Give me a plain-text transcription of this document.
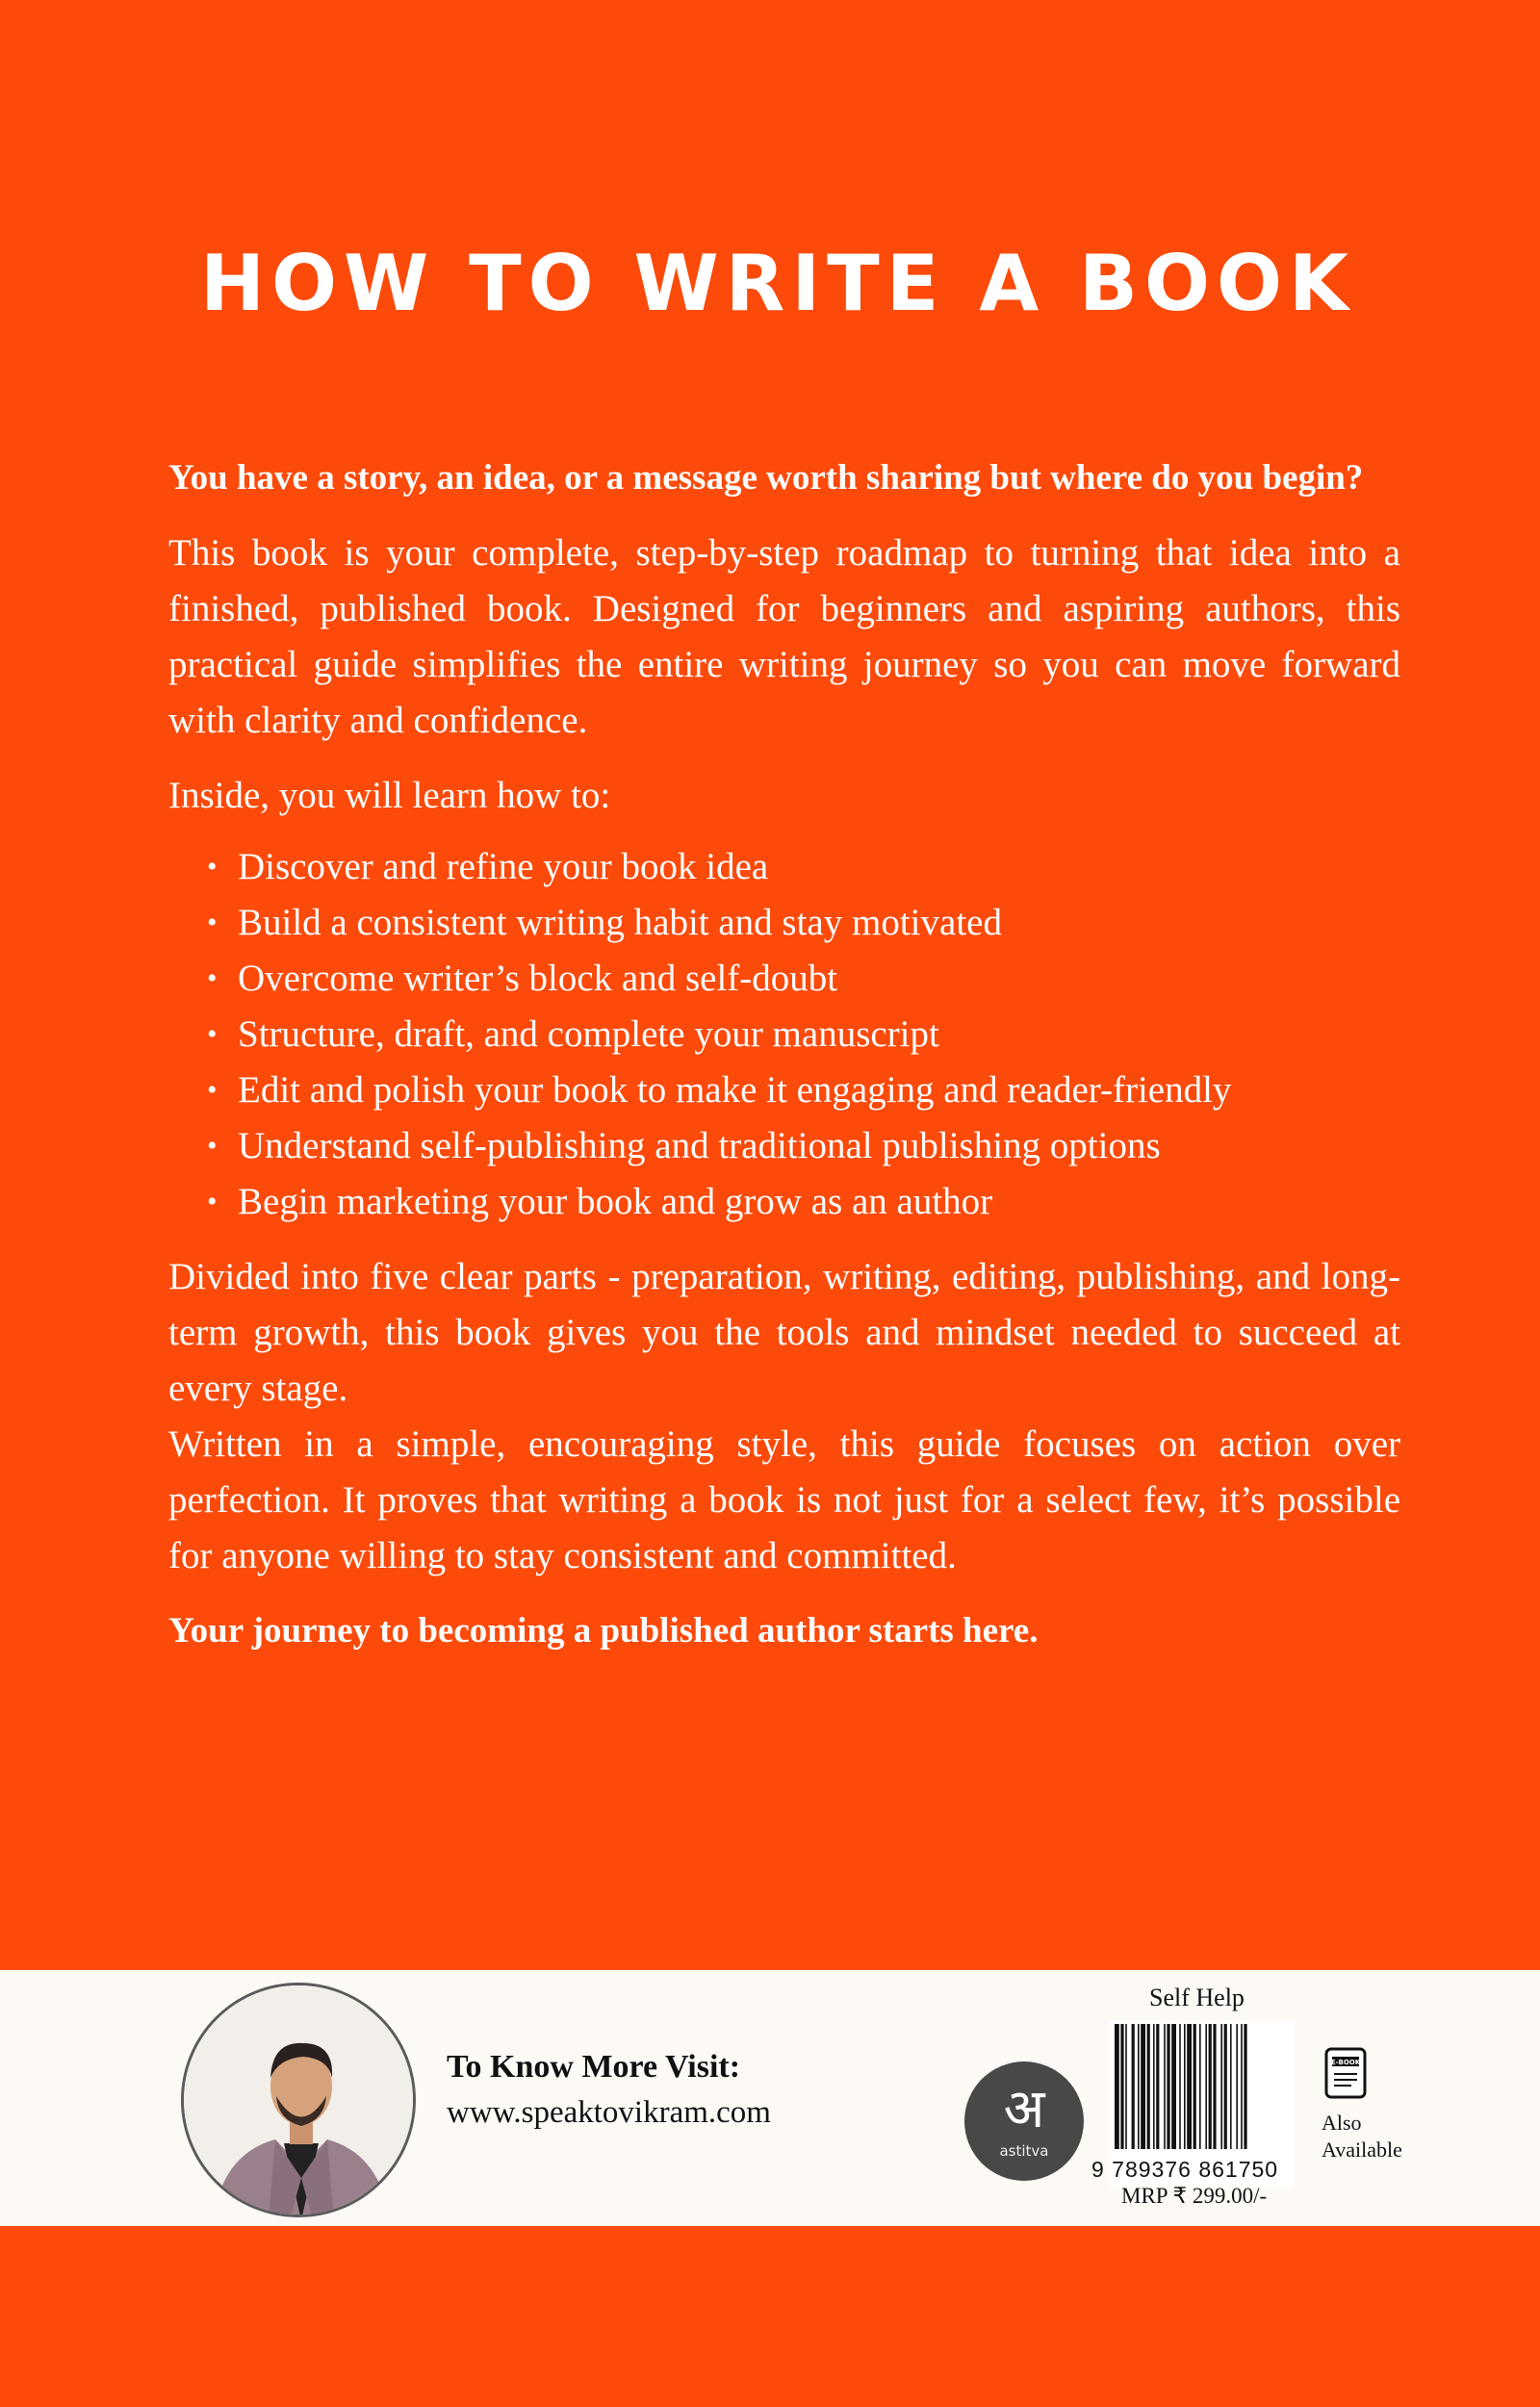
HOW TO WRITE A BOOK

You have a story, an idea, or a message worth sharing but where do you begin?

This book is your complete, step-by-step roadmap to turning that idea into a finished, published book. Designed for beginners and aspiring authors, this practical guide simplifies the entire writing journey so you can move forward with clarity and confidence.

Inside, you will learn how to:

• Discover and refine your book idea
• Build a consistent writing habit and stay motivated
• Overcome writer’s block and self-doubt
• Structure, draft, and complete your manuscript
• Edit and polish your book to make it engaging and reader-friendly
• Understand self-publishing and traditional publishing options
• Begin marketing your book and grow as an author

Divided into five clear parts - preparation, writing, editing, publishing, and long-term growth, this book gives you the tools and mindset needed to succeed at every stage.

Written in a simple, encouraging style, this guide focuses on action over perfection. It proves that writing a book is not just for a select few, it’s possible for anyone willing to stay consistent and committed.

Your journey to becoming a published author starts here.

To Know More Visit:
www.speaktovikram.com	अ
astitva
Self Help
9 789376 861750
MRP ₹ 299.00/-
E-BOOK
Also
Available
